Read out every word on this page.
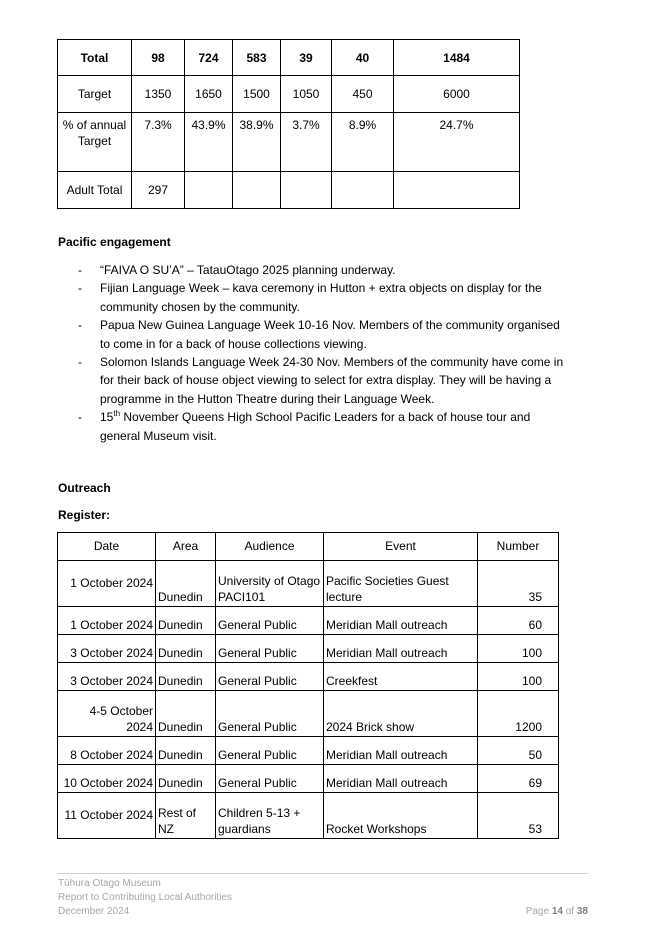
Total	98	724	583	39	40	1484
Target	1350	1650	1500	1050	450	6000
% of annual Target	7.3%	43.9%	38.9%	3.7%	8.9%	24.7%
Adult Total	297					
Pacific engagement
- “FAIVA O SU’A” – TatauOtago 2025 planning underway.
- Fijian Language Week – kava ceremony in Hutton + extra objects on display for the community chosen by the community.
- Papua New Guinea Language Week 10-16 Nov. Members of the community organised to come in for a back of house collections viewing.
- Solomon Islands Language Week 24-30 Nov. Members of the community have come in for their back of house object viewing to select for extra display. They will be having a programme in the Hutton Theatre during their Language Week.
- 15th November Queens High School Pacific Leaders for a back of house tour and general Museum visit.
Outreach
Register:
Date	Area	Audience	Event	Number
1 October 2024	Dunedin	University of Otago PACI101	Pacific Societies Guest lecture	35
1 October 2024	Dunedin	General Public	Meridian Mall outreach	60
3 October 2024	Dunedin	General Public	Meridian Mall outreach	100
3 October 2024	Dunedin	General Public	Creekfest	100
4-5 October 2024	Dunedin	General Public	2024 Brick show	1200
8 October 2024	Dunedin	General Public	Meridian Mall outreach	50
10 October 2024	Dunedin	General Public	Meridian Mall outreach	69
11 October 2024	Rest of NZ	Children 5-13 + guardians	Rocket Workshops	53
Tūhura Otago Museum
Report to Contributing Local Authorities
December 2024	Page 14 of 38
